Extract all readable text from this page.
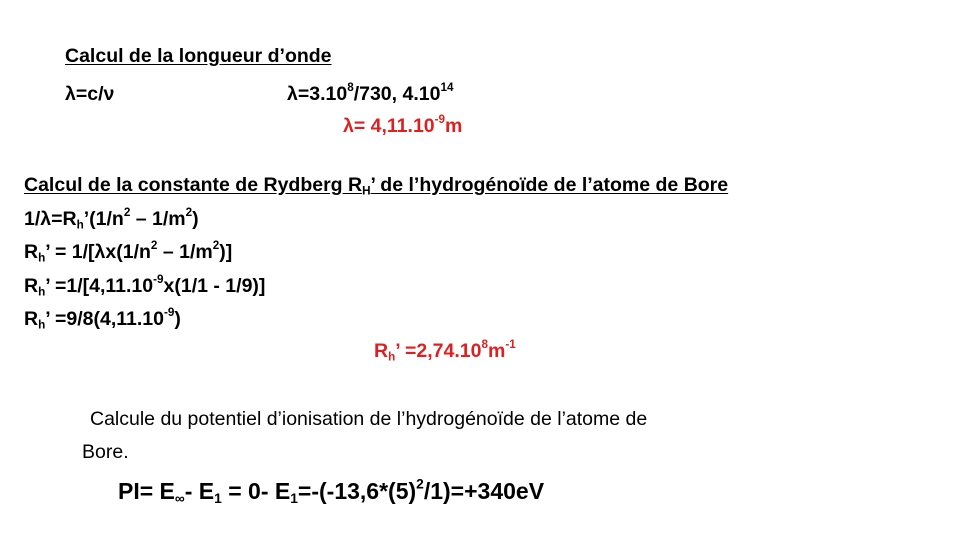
Calcul de la longueur d’onde
λ=c/ν	$\lambda=3.10^8/730$, 4.10$^{14}$
$\lambda= 4,11.10^{-9}m$
Calcul de la constante de Rydberg $R_H$’ de l’hydrogénoïde de l’atome de Bore
$1/\lambda=R_h’(1/n^2 - 1/m^2)$
$R_h$’ = $1/[\lambda x(1/n^2 - 1/m^2)]$
$R_h$’ $=1/[4,11.10^{-9}x(1/1 - 1/9)]$
$R_h$’ $=9/8(4,11.10^{-9})$
$R_h$’ $=2,74.10^8m^{-1}$
Calcule du potentiel d’ionisation de l’hydrogénoïde de l’atome de
Bore.
$PI= E_\infty-$ $E_1 = 0-$ $E_1=-(-13,6*(5)^2/1)=+340eV$
